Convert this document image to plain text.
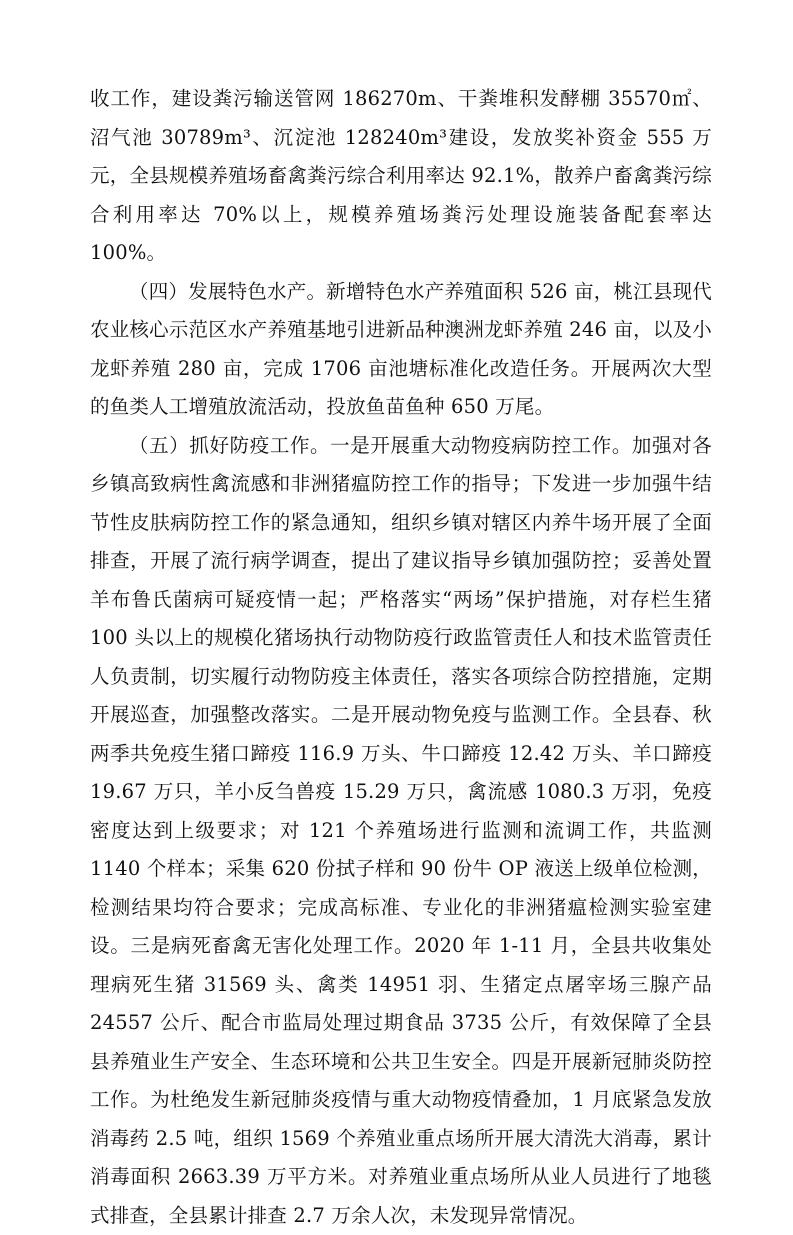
收工作，建设粪污输送管网 186270m、干粪堆积发酵棚 35570㎡、沼气池 30789m³、沉淀池 128240m³建设，发放奖补资金 555 万元，全县规模养殖场畜禽粪污综合利用率达 92.1%，散养户畜禽粪污综合利用率达 70%以上，规模养殖场粪污处理设施装备配套率达 100%。

（四）发展特色水产。新增特色水产养殖面积 526 亩，桃江县现代农业核心示范区水产养殖基地引进新品种澳洲龙虾养殖 246 亩，以及小龙虾养殖 280 亩，完成 1706 亩池塘标准化改造任务。开展两次大型的鱼类人工增殖放流活动，投放鱼苗鱼种 650 万尾。

（五）抓好防疫工作。一是开展重大动物疫病防控工作。加强对各乡镇高致病性禽流感和非洲猪瘟防控工作的指导；下发进一步加强牛结节性皮肤病防控工作的紧急通知，组织乡镇对辖区内养牛场开展了全面排查，开展了流行病学调查，提出了建议指导乡镇加强防控；妥善处置羊布鲁氏菌病可疑疫情一起；严格落实“两场”保护措施，对存栏生猪 100 头以上的规模化猪场执行动物防疫行政监管责任人和技术监管责任人负责制，切实履行动物防疫主体责任，落实各项综合防控措施，定期开展巡查，加强整改落实。二是开展动物免疫与监测工作。全县春、秋两季共免疫生猪口蹄疫 116.9 万头、牛口蹄疫 12.42 万头、羊口蹄疫 19.67 万只，羊小反刍兽疫 15.29 万只，禽流感 1080.3 万羽，免疫密度达到上级要求；对 121 个养殖场进行监测和流调工作，共监测 1140 个样本；采集 620 份拭子样和 90 份牛 OP 液送上级单位检测，检测结果均符合要求；完成高标准、专业化的非洲猪瘟检测实验室建设。三是病死畜禽无害化处理工作。2020 年 1-11 月，全县共收集处理病死生猪 31569 头、禽类 14951 羽、生猪定点屠宰场三腺产品 24557 公斤、配合市监局处理过期食品 3735 公斤，有效保障了全县县养殖业生产安全、生态环境和公共卫生安全。四是开展新冠肺炎防控工作。为杜绝发生新冠肺炎疫情与重大动物疫情叠加，1 月底紧急发放消毒药 2.5 吨，组织 1569 个养殖业重点场所开展大清洗大消毒，累计消毒面积 2663.39 万平方米。对养殖业重点场所从业人员进行了地毯式排查，全县累计排查 2.7 万余人次，未发现异常情况。
